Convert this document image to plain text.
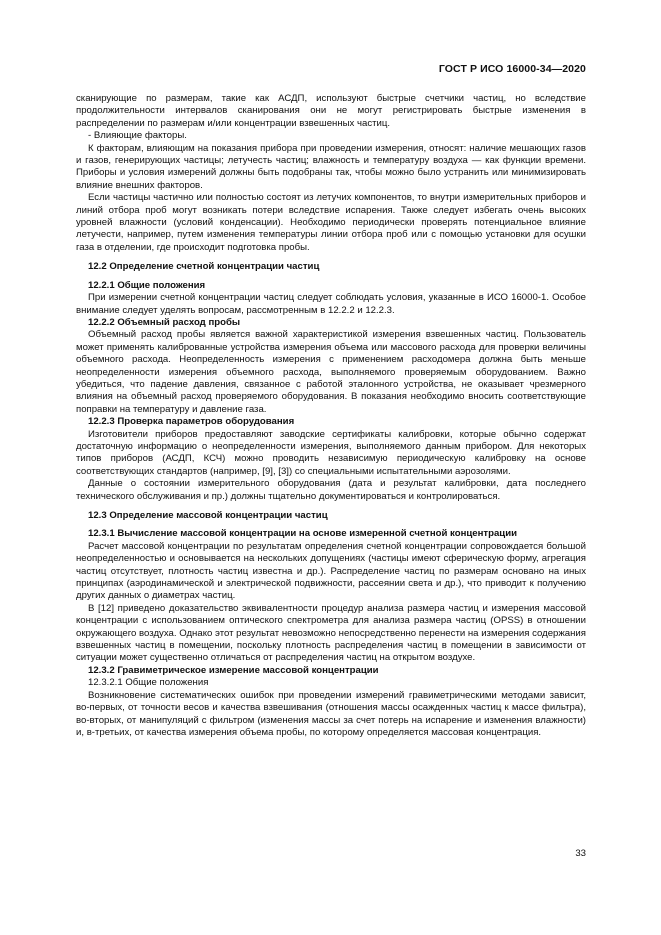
ГОСТ Р ИСО 16000-34—2020

сканирующие по размерам, такие как АСДП, используют быстрые счетчики частиц, но вследствие продолжительности интервалов сканирования они не могут регистрировать быстрые изменения в распределении по размерам и/или концентрации взвешенных частиц.

- Влияющие факторы.

К факторам, влияющим на показания прибора при проведении измерения, относят: наличие мешающих газов и газов, генерирующих частицы; летучесть частиц; влажность и температуру воздуха — как функции времени. Приборы и условия измерений должны быть подобраны так, чтобы можно было устранить или минимизировать влияние внешних факторов.

Если частицы частично или полностью состоят из летучих компонентов, то внутри измерительных приборов и линий отбора проб могут возникать потери вследствие испарения. Также следует избегать очень высоких уровней влажности (условий конденсации). Необходимо периодически проверять потенциальное влияние летучести, например, путем изменения температуры линии отбора проб или с помощью установки для осушки газа в отделении, где происходит подготовка пробы.

12.2 Определение счетной концентрации частиц
12.2.1 Общие положения

При измерении счетной концентрации частиц следует соблюдать условия, указанные в ИСО 16000-1. Особое внимание следует уделять вопросам, рассмотренным в 12.2.2 и 12.2.3.

12.2.2 Объемный расход пробы

Объемный расход пробы является важной характеристикой измерения взвешенных частиц. Пользователь может применять калиброванные устройства измерения объема или массового расхода для проверки величины объемного расхода. Неопределенность измерения с применением расходомера должна быть меньше неопределенности измерения объемного расхода, выполняемого проверяемым оборудованием. Важно убедиться, что падение давления, связанное с работой эталонного устройства, не оказывает чрезмерного влияния на объемный расход проверяемого оборудования. В показания необходимо вносить соответствующие поправки на температуру и давление газа.

12.2.3 Проверка параметров оборудования

Изготовители приборов предоставляют заводские сертификаты калибровки, которые обычно содержат достаточную информацию о неопределенности измерения, выполняемого данным прибором. Для некоторых типов приборов (АСДП, КСЧ) можно проводить независимую периодическую калибровку на основе соответствующих стандартов (например, [9], [3]) со специальными испытательными аэрозолями.

Данные о состоянии измерительного оборудования (дата и результат калибровки, дата последнего технического обслуживания и пр.) должны тщательно документироваться и контролироваться.

12.3 Определение массовой концентрации частиц
12.3.1 Вычисление массовой концентрации на основе измеренной счетной концентрации

Расчет массовой концентрации по результатам определения счетной концентрации сопровождается большой неопределенностью и основывается на нескольких допущениях (частицы имеют сферическую форму, агрегация частиц отсутствует, плотность частиц известна и др.). Распределение частиц по размерам основано на иных принципах (аэродинамической и электрической подвижности, рассеянии света и др.), что приводит к получению других данных о диаметрах частиц.

В [12] приведено доказательство эквивалентности процедур анализа размера частиц и измерения массовой концентрации с использованием оптического спектрометра для анализа размера частиц (OPSS) в отношении окружающего воздуха. Однако этот результат невозможно непосредственно перенести на измерения содержания взвешенных частиц в помещении, поскольку плотность распределения частиц в помещении в зависимости от ситуации может существенно отличаться от распределения частиц на открытом воздухе.

12.3.2 Гравиметрическое измерение массовой концентрации

12.3.2.1 Общие положения

Возникновение систематических ошибок при проведении измерений гравиметрическими методами зависит, во-первых, от точности весов и качества взвешивания (отношения массы осажденных частиц к массе фильтра), во-вторых, от манипуляций с фильтром (изменения массы за счет потерь на испарение и изменения влажности) и, в-третьих, от качества измерения объема пробы, по которому определяется массовая концентрация.

33
